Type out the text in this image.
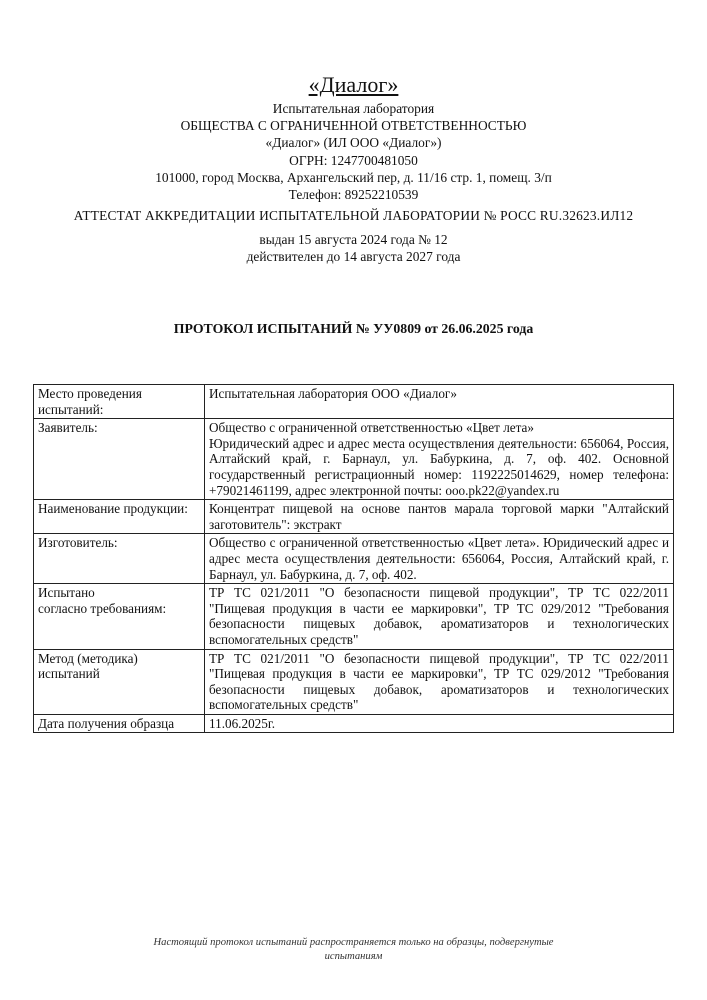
«Диалог»
Испытательная лаборатория
ОБЩЕСТВА С ОГРАНИЧЕННОЙ ОТВЕТСТВЕННОСТЬЮ
«Диалог» (ИЛ ООО «Диалог»)
ОГРН: 1247700481050
101000, город Москва, Архангельский пер, д. 11/16 стр. 1, помещ. 3/п
Телефон: 89252210539
АТТЕСТАТ АККРЕДИТАЦИИ ИСПЫТАТЕЛЬНОЙ ЛАБОРАТОРИИ № РОСС RU.32623.ИЛ12
выдан 15 августа 2024 года № 12
действителен до 14 августа 2027 года
ПРОТОКОЛ ИСПЫТАНИЙ № УУ0809 от 26.06.2025 года
Место проведения испытаний:	Испытательная лаборатория ООО «Диалог»
Заявитель:	Общество с ограниченной ответственностью «Цвет лета»
Юридический адрес и адрес места осуществления деятельности: 656064, Россия, Алтайский край, г. Барнаул, ул. Бабуркина, д. 7, оф. 402. Основной государственный регистрационный номер: 1192225014629, номер телефона: +79021461199, адрес электронной почты: ooo.pk22@yandex.ru
Наименование продукции:	Концентрат пищевой на основе пантов марала торговой марки "Алтайский заготовитель": экстракт
Изготовитель:	Общество с ограниченной ответственностью «Цвет лета». Юридический адрес и адрес места осуществления деятельности: 656064, Россия, Алтайский край, г. Барнаул, ул. Бабуркина, д. 7, оф. 402.
Испытано
согласно требованиям:	ТР ТС 021/2011 "О безопасности пищевой продукции", ТР ТС 022/2011 "Пищевая продукция в части ее маркировки", ТР ТС 029/2012 "Требования безопасности пищевых добавок, ароматизаторов и технологических вспомогательных средств"
Метод (методика) испытаний	ТР ТС 021/2011 "О безопасности пищевой продукции", ТР ТС 022/2011 "Пищевая продукция в части ее маркировки", ТР ТС 029/2012 "Требования безопасности пищевых добавок, ароматизаторов и технологических вспомогательных средств"
Дата получения образца	11.06.2025г.
Настоящий протокол испытаний распространяется только на образцы, подвергнутые
испытаниям
